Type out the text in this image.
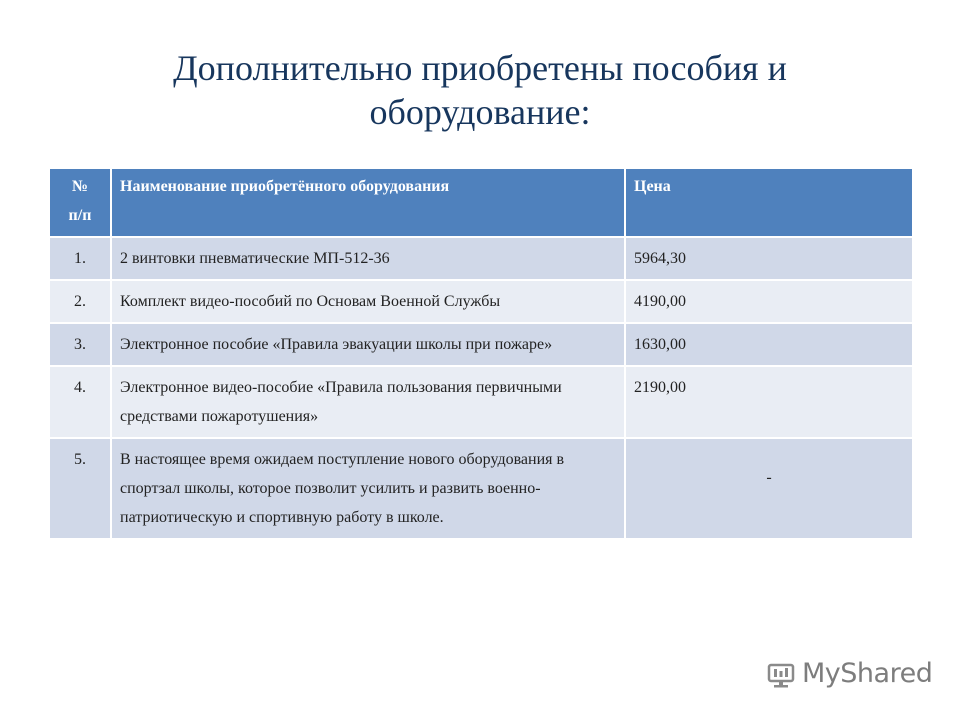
Дополнительно приобретены пособия и
оборудование:
№
п/п	Наименование приобретённого оборудования	Цена
1.	2 винтовки пневматические МП-512-36	5964,30
2.	Комплект видео-пособий по Основам Военной Службы	4190,00
3.	Электронное пособие «Правила эвакуации школы при пожаре»	1630,00
4.	Электронное видео-пособие «Правила пользования первичными средствами пожаротушения»	2190,00
5.	В настоящее время ожидаем поступление нового оборудования в спортзал школы, которое позволит усилить и развить военно-патриотическую и спортивную работу в школе.	-
MyShared
